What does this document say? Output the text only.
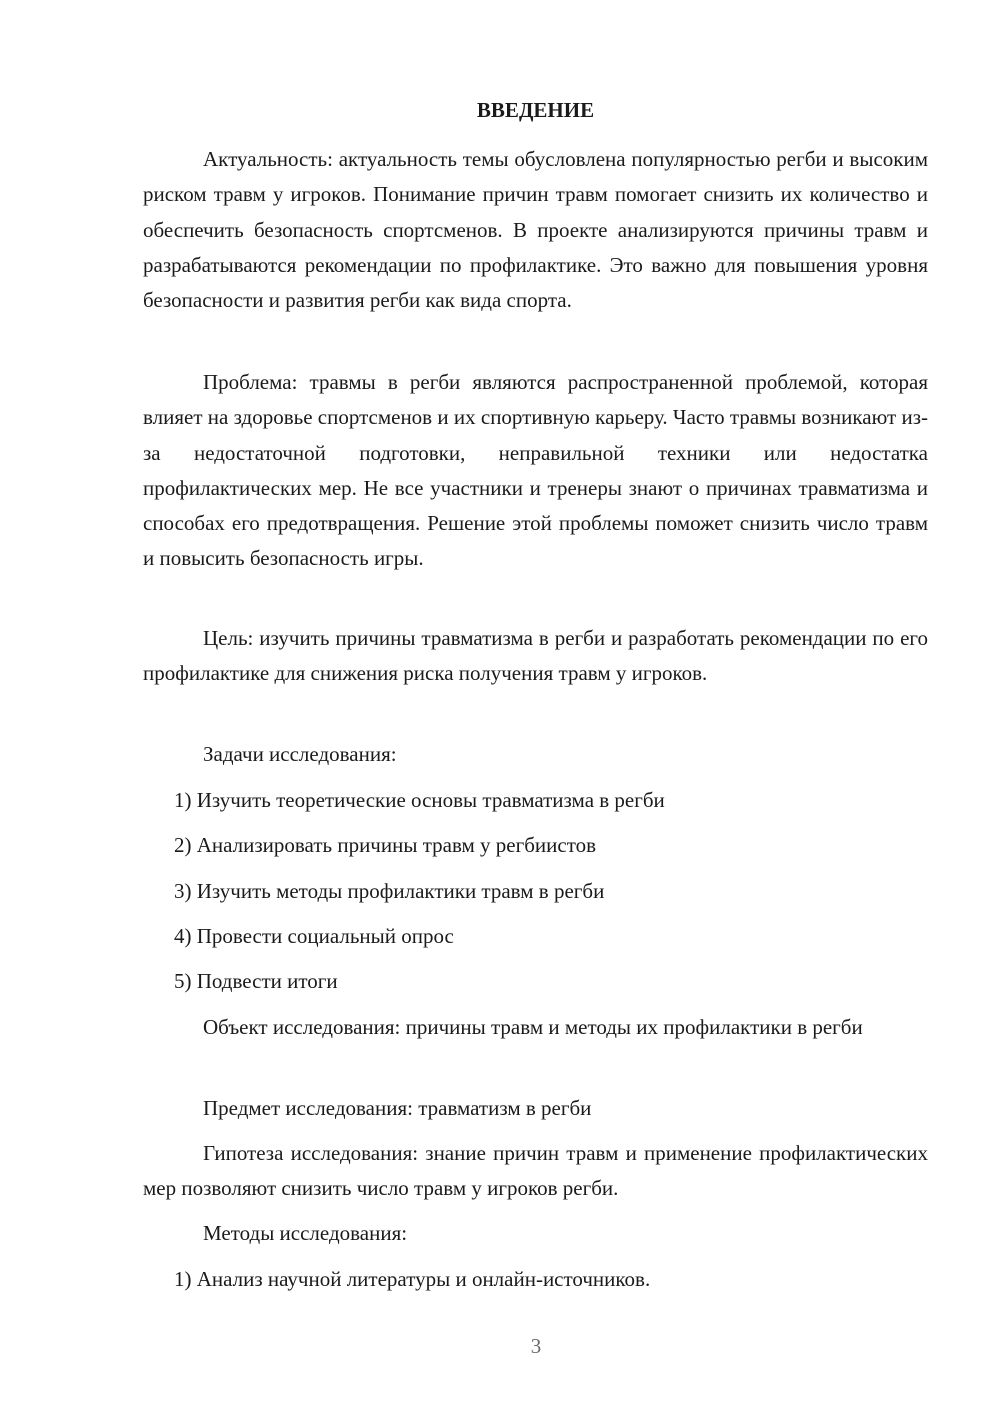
ВВЕДЕНИЕ

Актуальность: актуальность темы обусловлена популярностью регби и высоким риском травм у игроков. Понимание причин травм помогает снизить их количество и обеспечить безопасность спортсменов. В проекте анализируются причины травм и разрабатываются рекомендации по профилактике. Это важно для повышения уровня безопасности и развития регби как вида спорта.

Проблема: травмы в регби являются распространенной проблемой, которая влияет на здоровье спортсменов и их спортивную карьеру. Часто травмы возникают из-за недостаточной подготовки, неправильной техники или недостатка профилактических мер. Не все участники и тренеры знают о причинах травматизма и способах его предотвращения. Решение этой проблемы поможет снизить число травм и повысить безопасность игры.

Цель: изучить причины травматизма в регби и разработать рекомендации по его профилактике для снижения риска получения травм у игроков.

Задачи исследования:

1) Изучить теоретические основы травматизма в регби

2) Анализировать причины травм у регбиистов

3) Изучить методы профилактики травм в регби

4) Провести социальный опрос

5) Подвести итоги

Объект исследования: причины травм и методы их профилактики в регби

Предмет исследования: травматизм в регби

Гипотеза исследования: знание причин травм и применение профилактических мер позволяют снизить число травм у игроков регби.

Методы исследования:

1) Анализ научной литературы и онлайн-источников.

3
